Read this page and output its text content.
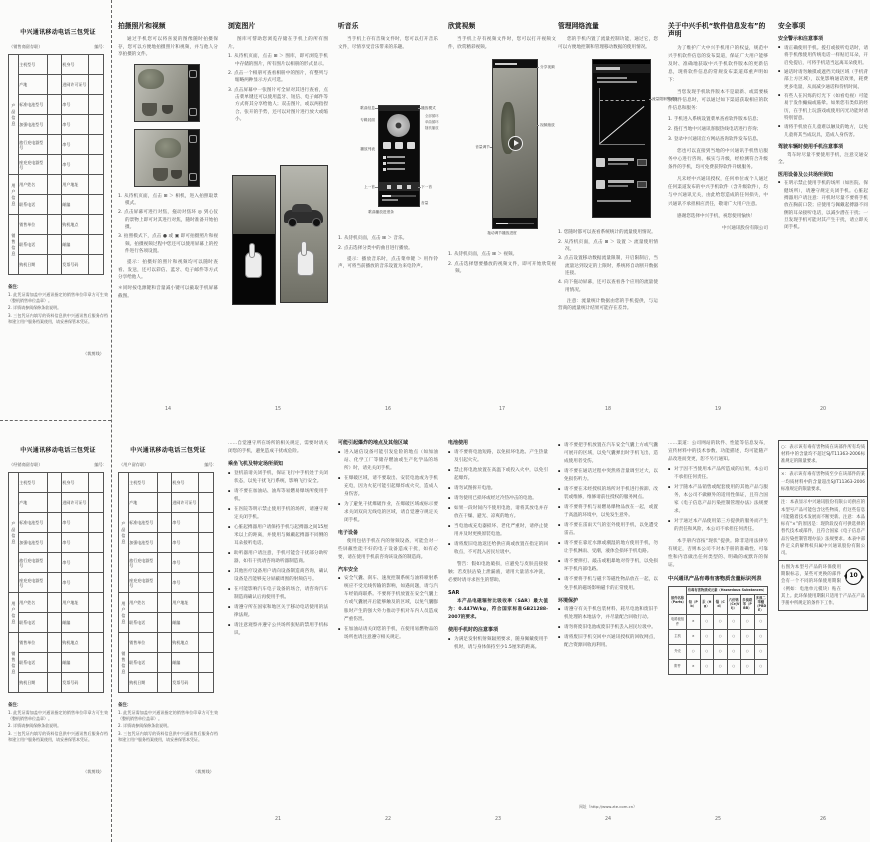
中兴通讯移动电话三包凭证
（销售商留存联）	编号：
产品信息	主机型号		机身号	
	产地		进网许可证号	
	标准电池型号		串号	
	加强电池型号		串号	
	旅行充电器型号		串号	
	座充充电器型号		串号	
用户信息	用户姓名		用户地址	
	联系电话		邮编	
销售信息	销售单位		购机地点	
	联系电话		邮编	
	购机日期		发票号码	
备注：
1. 此凭证需加盖中兴通讯指定的销售单位印章方可生效（整机销售单位盖章）。
2. 详情请参阅保修条款说明。
3. 三包凭证内填写的资料信息供中兴通讯售后服务存档和建立用户服务档案使用，请妥善保管本凭证。
（裁剪线）
拍摄照片和视频

通过手机您可以将喜爱的图像随时拍摄保存，您可以方便地拍摄照片和视频，并与他人分享拍摄的文件。

1. 从待机页面，点击 ⊞ ＞ 相机，进入拍照取景模式。

2. 点击屏幕可进行对焦，拖动对焦环 ◎ 到心仪的景物上即可对其进行对焦，随时准备开始拍摄。

3. 拍照模式下，点击 ● 或 ▣ 即可拍摄照片和视频。拍摄视频过程中您还可以使用屏幕上的控件进行各项设置。

提示：拍摄好的照片和视频均可以随时查看、发送，还可以彩信、蓝牙、电子邮件等方式分享给他人。

＊同时按电源键和音量减小键可以截取手机屏幕截图。

14
浏览图片

图库可帮助您浏览存储在手机上的所有图片。

1. 从待机页面，点击 ⊞ ＞ 图库，即可浏览手机中存储的图片，所有图片以相册的形式显示。

2. 点击一个相册可查看相册中的图片，有整列与缩略两种显示方式可选。

3. 点击屏幕中一张图片可全屏对其进行查看，点击菜单键还可以使用蓝牙、短信、电子邮件等方式将其分享给他人；双击图片，或以两指捏合、张开的手势，还可以对图片进行放大或缩小。

15
听音乐

当手机上存有音频文件时，您可以打开音乐文件，尽情享受音乐带来的乐趣。

歌曲信息
专辑封面
播放列表
上一首
歌曲播放进度条
播放模式
全部循环
单曲循环
随机播放
下一首
音量

1. 从待机页面，点击 ⊞ ＞ 音乐。

2. 点击选择分类中的曲目进行播放。

提示：播放音乐时，点击菜单键 ＞ 用作铃声，可将当前播放的音乐设置为来电铃声。

16
欣赏视频

当手机上存有视频文件时，您可以打开视频文件，欣赏精彩视频。

分享视频
视频缩放
音量调节
拖动调节播放进度

1. 从待机页面，点击 ⊞ ＞ 视频。

2. 点击选择想要播放的视频文件，即可开始欣赏视频。

17
管理网络流量

您的手机内置了流量控制功能，通过它，您可以方便地控制和管理移动数据的使用情况。

流量限制警戒线

1. 您随时都可以查看系统统计的流量使用情况。

2. 从待机页面，点击 ⊞ ＞ 设置 ＞ 流量使用情况。

3. 点击设置移动数据流量限制，开启限制后，当流量达到设定的上限时，系统将自动断开数据连接。

4. 向下拖动屏幕，还可以查看各个应用的流量使用情况。

注意：流量统计数据由您的手机提供，与运营商的流量统计结果可能存在差异。

18
关于中兴手机“软件信息发布”的声明

为了维护广大中兴手机用户的权益，规范中兴手机软件信息的发布渠道，保证广大用户能够及时、准确地获取中兴手机软件版本的更新信息，现将软件信息的常规发布渠道郑重声明如下：

当您发现手机软件版本不是最新、或需要核实软件信息时，可以通过如下渠道获取相应的软件信息和服务：

1. 手机进入系统设置菜单查看软件版本信息；

2. 拨打当地中兴通讯客服热线电话进行咨询；

3. 登录中兴通讯官方网站查询软件发布信息。

您也可以直接到当地的中兴通讯手机售后服务中心进行咨询、核实与升级，经检测符合升级条件的手机，均可免费获得软件升级服务。

凡未经中兴通讯授权，任何单位或个人通过任何渠道发布的中兴手机软件（含升级软件），均与中兴通讯无关，由此给您造成的任何损失，中兴通讯不承担相应责任，敬请广大用户注意。

感谢您选择中兴手机，祝您使用愉快！

中兴通讯股份有限公司

19
安全事项
安全警示和注意事项

▪ 请正确使用手机。拨打或接听电话时，请将手机像使用传统电话一样贴近耳朵，开启免提后，可将手机适当远离耳朵使用。

▪ 通话时请勿触摸或遮挡天线区域（手机背部上方区域），以免影响通话效果，耗费更多电量，从而减少通话和待机时间。

▪ 有些人在闪烁的灯光下（如看电视）可能易于发作癫痫或眩晕。如果您有类似的经历，在手机上玩游戏或使用闪光功能时请特别留意。

▪ 请将手机放在儿童难以触及的地方，以免儿童将其当成玩具，造成人身伤害。

驾驶车辆时使用手机注意事项

驾车时尽量不要使用手机，注意交通安全。

医用设备及公共场所须知

▪ 在明示禁止使用手机的场所（如医院、保健场所），请遵守规定关闭手机。心脏起搏器用户请注意：开机时尽量不要将手机放在胸前口袋；应使用与佩戴起搏器不同侧的耳朵接听电话，以减少潜在干扰；一旦发现手机可能对其产生干扰，请立即关闭手机。

20
中兴通讯移动电话三包凭证
（经销商留存联）	编号：
产品信息	主机型号		机身号	
	产地		进网许可证号	
	标准电池型号		串号	
	加强电池型号		串号	
	旅行充电器型号		串号	
	座充充电器型号		串号	
用户信息	用户姓名		用户地址	
	联系电话		邮编	
销售信息	销售单位		购机地点	
	联系电话		邮编	
	购机日期		发票号码	
备注：
1. 此凭证需加盖中兴通讯指定的销售单位印章方可生效（整机销售单位盖章）。
2. 详情请参阅保修条款说明。
3. 三包凭证内填写的资料信息供中兴通讯售后服务存档和建立用户服务档案使用，请妥善保管本凭证。
（裁剪线）
中兴通讯移动电话三包凭证
（用户留存联）	编号：
产品信息	主机型号		机身号	
	产地		进网许可证号	
	标准电池型号		串号	
	加强电池型号		串号	
	旅行充电器型号		串号	
	座充充电器型号		串号	
用户信息	用户姓名		用户地址	
	联系电话		邮编	
销售信息	销售单位		购机地点	
	联系电话		邮编	
	购机日期		发票号码	
备注：
1. 此凭证需加盖中兴通讯指定的销售单位印章方可生效（整机销售单位盖章）。
2. 详情请参阅保修条款说明。
3. 三包凭证内填写的资料信息供中兴通讯售后服务存档和建立用户服务档案使用，请妥善保管本凭证。
（裁剪线）

……自觉遵守所在场所的相关规定，需要时请关闭您的手机，避免造成干扰或危险。

乘坐飞机及特定场所须知

▪ 登机前请关闭手机，保证飞行中手机处于关闭状态，以免干扰飞行系统，影响飞行安全。

▪ 请不要在加油站、油库等易燃易爆场所使用手机。

▪ 在医院等明示禁止使用手机的场所，请遵守规定关闭手机。

▪ 心脏起搏器用户请保持手机与起搏器之间15厘米以上的距离，并使用与佩戴起搏器不同侧的耳朵接听电话。

▪ 助听器用户请注意，手机可能会干扰部分助听器，如有干扰请咨询助听器制造商。

▪ 其他医疗设备用户请向设备制造商咨询，确认设备是否能够充分屏蔽周围的射频信号。

▪ 在可能影响汽车电子设备的场合，请咨询汽车制造商确认后再使用手机。

▪ 请遵守所在国家和地区关于移动电话使用的法律法规。

▪ 请注意观察并遵守公共场所张贴的禁用手机标识。

21
可能引起爆炸的地点及其他区域

▪ 进入通信设备可能引发危险的地点（如加油站、化学工厂等储存燃油或生产化学品的场所）时，请先关闭手机。

▪ 在爆破区域，请不要取出、安装电池或为手机充电，因为火花可能引起爆炸或火灾，造成人身伤害。

▪ 为了避免干扰爆破作业，在爆破区域或标示要求关闭双向无线电的区域，请自觉遵守规定关闭手机。

电子设备

使用包括手机在内的射频设备，可能会对一些屏蔽性能不好的电子设备造成干扰，如有必要，请在使用手机前咨询该设备的制造商。

汽车安全

▪ 安全气囊、刹车、速度控制系统与油料喷射系统应不受无线传输的影响，如遇问题，请与汽车经销商联系。不要将手机放置在安全气囊上方或气囊展开后能够触及的区域，以免气囊膨胀时产生的强大外力推动手机对车内人员造成严重伤害。

▪ 在加油站请关闭您的手机，在使用易燃物品的场所也请注意遵守相关规定。

22
电池使用

▪ 请不要将电池短路，以免损坏电池、产生热量及引起火灾。

▪ 禁止将电池放置在高温下或投入火中，以免引起爆炸。

▪ 请勿试图拆开电池。

▪ 请勿使用已损坏或经过冷热冲击的电池。

▪ 如果一段时间内不使用电池，请将其放电并存放在干燥、避光、凉爽的地方。

▪ 当电池或充电器损坏、老化严重时，请停止使用并及时更换原装电池。

▪ 请将废旧电池返还给供应商或放置在指定的回收点，不可混入居民垃圾中。

警告：假如电池破损，应避免与皮肤直接接触；若皮肤沾染上泄漏液，请用大量清水冲洗，必要时请寻求医生的帮助。

SAR

本产品电磁辐射比吸收率（SAR）最大值为：0.447W/kg，符合国家标准GB21288-2007的要求。

使用手机时的注意事项

▪ 为满足发射机射频辐照要求，随身佩戴使用手机时，请与身体保持至少1.5厘米的距离。

23

▪ 请不要把手机放置在汽车安全气囊上方或气囊可展开的区域，以免气囊弹出时手机飞出，造成使用者受伤。

▪ 请不要在通话过程中突然将音量调至过大，以免损伤听力。

▪ 请不要在未经授权的场所对手机进行拆卸、改装或维修，维修请前往授权的服务网点。

▪ 请不要将手机与易燃易爆物品放在一起，或置于高温的环境中，以免发生意外。

▪ 请不要在雷雨天气的室外使用手机，以免遭受雷击。

▪ 请不要在靠近水源或潮湿的地方使用手机，勿让手机淋雨、受潮，液体会损坏手机电路。

▪ 请不要摔打、敲击或粗暴地对待手机，以免损坏手机内部电路。

▪ 请不要将手机与磁卡等磁性物品放在一起，以免手机的磁场影响磁卡的正常使用。

环境保护

▪ 请遵守有关手机包装材料、耗尽电池和废旧手机处理的本地法令，并尽量配合回收行动。

▪ 请勿将废旧电池或废旧手机丢入居民垃圾中。

▪ 请将废旧手机交回中兴通讯授权的回收网点，配合资源回收再利用。

网址（http://www.zte.com.cn）
24

……渠道：公司网站的软件、性能等信息发布，宣传材料中的技术参数、功能描述，均可能随产品改进而变更，恕不另行通知。

▪ 对于因不当使用本产品所造成的后果，本公司不承担任何责任。

▪ 对于随本产品销售或配套使用的其他产品与服务，本公司不做额外的适用性保证，且符合国家《电子信息产品污染控制管理办法》法规要求。

▪ 对于通过本产品使用第三方提供的服务而产生的责任和风险，本公司不承担任何责任。

本手册内容按“现状”提供。除非适用法律另有规定，否则本公司不对本手册的准确性、可靠性和内容做出任何类型的、明确的或默许的保证。

中兴通讯产品有毒有害物质含量标识列表
部件名称（Parts）	有毒有害物质或元素（Hazardous Substances）					
	铅（Pb）	汞（Hg）	镉（Cd）	六价铬（Cr(VI)）	多溴联苯（PBB）	多溴二苯醚（PBDE）
电路板组件	×	○	○	○	○	○
主机	×	○	○	○	○	○
外壳	○	○	○	○	○	○
附件	×	○	○	○	○	○
25
○：表示该有毒有害物质在该部件所有均质材料中的含量均不超过SJ/T11363-2006标准规定的限量要求。
×：表示该有毒有害物质至少在该部件的某一均质材料中的含量超出SJ/T11363-2006标准规定的限量要求。
注：本表显示中兴通讯股份有限公司供应的本型号产品可能包含这些物质，但这些信息可能随着技术发展而不断更新。注意：本品标有“×”的原因是：现阶段没有可供选择的替代技术或部件，且符合国家《电子信息产品污染控制管理办法》法规要求。本表中部件定义的解释权归属中兴通讯股份有限公司。
10
右图为本型号产品的环保使用期限标志，某些可更换的部件会有一个不同的环保使用期限（例如：电池单元模块）贴在其上。此环保使用期限只适用于产品在产品手册中所规定的条件下工作。
26
